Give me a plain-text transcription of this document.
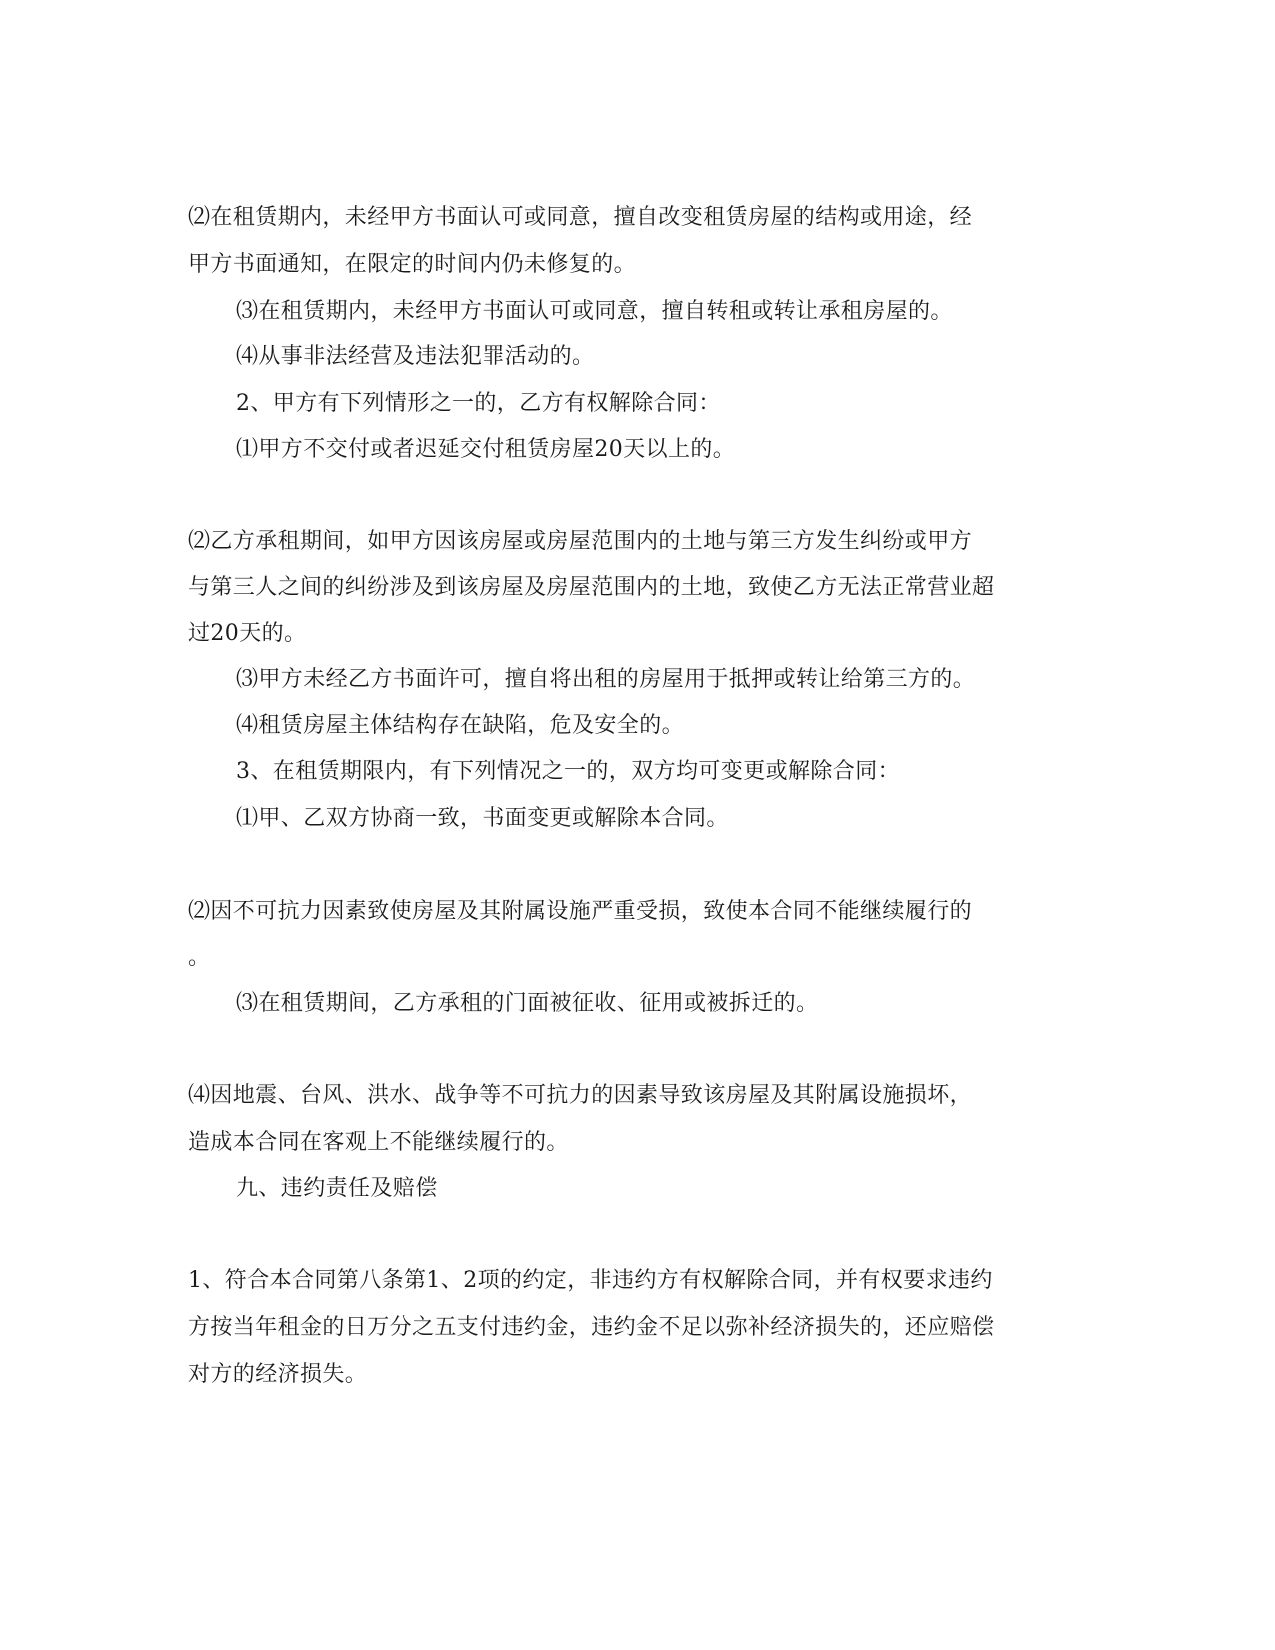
⑵在租赁期内，未经甲方书面认可或同意，擅自改变租赁房屋的结构或用途，经
甲方书面通知，在限定的时间内仍未修复的。
⑶在租赁期内，未经甲方书面认可或同意，擅自转租或转让承租房屋的。
⑷从事非法经营及违法犯罪活动的。
2、甲方有下列情形之一的，乙方有权解除合同：
⑴甲方不交付或者迟延交付租赁房屋20天以上的。
⑵乙方承租期间，如甲方因该房屋或房屋范围内的土地与第三方发生纠纷或甲方
与第三人之间的纠纷涉及到该房屋及房屋范围内的土地，致使乙方无法正常营业超
过20天的。
⑶甲方未经乙方书面许可，擅自将出租的房屋用于抵押或转让给第三方的。
⑷租赁房屋主体结构存在缺陷，危及安全的。
3、在租赁期限内，有下列情况之一的，双方均可变更或解除合同：
⑴甲、乙双方协商一致，书面变更或解除本合同。
⑵因不可抗力因素致使房屋及其附属设施严重受损，致使本合同不能继续履行的
。
⑶在租赁期间，乙方承租的门面被征收、征用或被拆迁的。
⑷因地震、台风、洪水、战争等不可抗力的因素导致该房屋及其附属设施损坏，
造成本合同在客观上不能继续履行的。
九、违约责任及赔偿
1、符合本合同第八条第1、2项的约定，非违约方有权解除合同，并有权要求违约
方按当年租金的日万分之五支付违约金，违约金不足以弥补经济损失的，还应赔偿
对方的经济损失。
